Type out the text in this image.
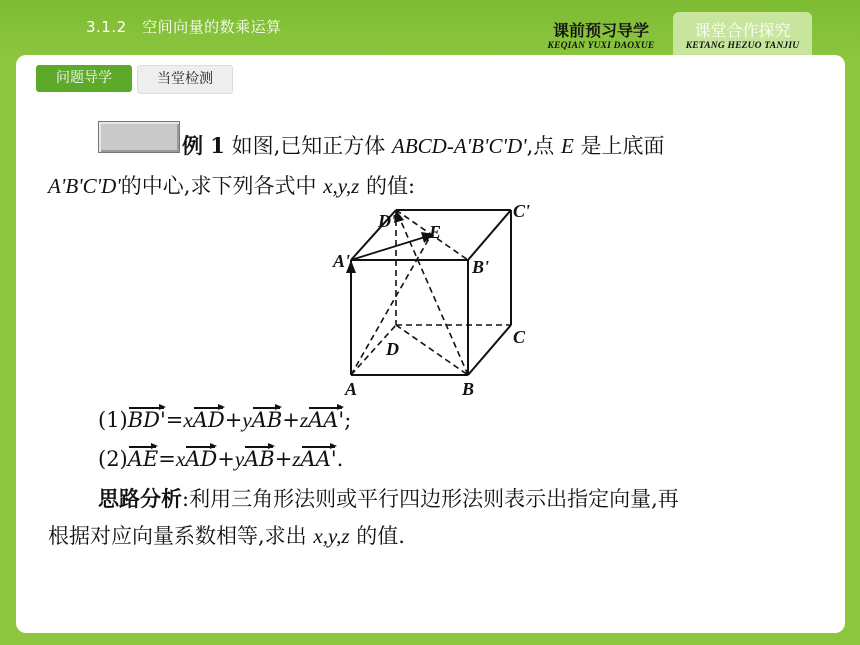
3.1.2　空间向量的数乘运算	课前预习导学
KEQIAN YUXI DAOXUE
课堂合作探究
KETANG HEZUO TANJIU
问题导学	当堂检测
例 1 如图,已知正方体 ABCD-A'B'C'D',点 E 是上底面
A'B'C'D'的中心,求下列各式中 x,y,z 的值:
D'	C'
E
A'	B'
C
D
A	B
(1)BD'=xAD+yAB+zAA';
(2)AE=xAD+yAB+zAA'.
思路分析:利用三角形法则或平行四边形法则表示出指定向量,再
根据对应向量系数相等,求出 x,y,z 的值.
